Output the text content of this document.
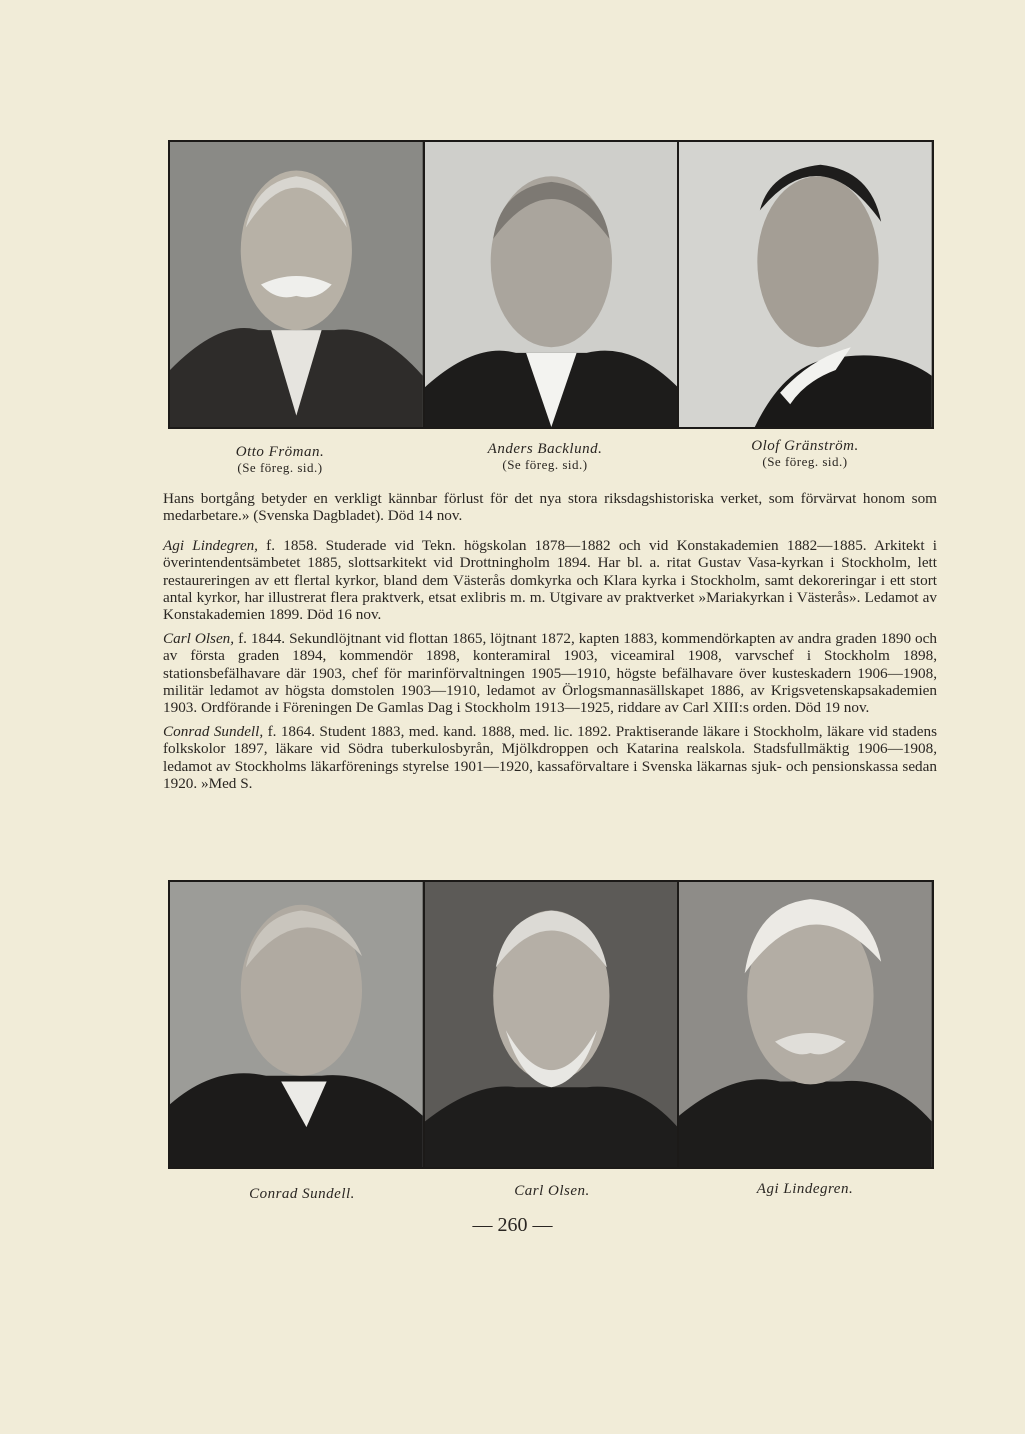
Otto Fröman.
(Se föreg. sid.)
Anders Backlund.
(Se föreg. sid.)
Olof Gränström.
(Se föreg. sid.)

Hans bortgång betyder en verkligt kännbar förlust för det nya stora riksdagshistoriska verket, som förvärvat honom som medarbetare.» (Svenska Dagbladet). Död 14 nov.

Agi Lindegren, f. 1858. Studerade vid Tekn. högskolan 1878—1882 och vid Konstakademien 1882—1885. Arkitekt i överintendentsämbetet 1885, slottsarkitekt vid Drottningholm 1894. Har bl. a. ritat Gustav Vasa-kyrkan i Stockholm, lett restaureringen av ett flertal kyrkor, bland dem Västerås domkyrka och Klara kyrka i Stockholm, samt dekoreringar i ett stort antal kyrkor, har illustrerat flera praktverk, etsat exlibris m. m. Utgivare av praktverket »Mariakyrkan i Västerås». Ledamot av Konstakademien 1899. Död 16 nov.

Carl Olsen, f. 1844. Sekundlöjtnant vid flottan 1865, löjtnant 1872, kapten 1883, kommendörkapten av andra graden 1890 och av första graden 1894, kommendör 1898, konteramiral 1903, viceamiral 1908, varvschef i Stockholm 1898, stationsbefälhavare där 1903, chef för marinförvaltningen 1905—1910, högste befälhavare över kusteskadern 1906—1908, militär ledamot av högsta domstolen 1903—1910, ledamot av Örlogsmannasällskapet 1886, av Krigsvetenskapsakademien 1903. Ordförande i Föreningen De Gamlas Dag i Stockholm 1913—1925, riddare av Carl XIII:s orden. Död 19 nov.

Conrad Sundell, f. 1864. Student 1883, med. kand. 1888, med. lic. 1892. Praktiserande läkare i Stockholm, läkare vid stadens folkskolor 1897, läkare vid Södra tuberkulosbyrån, Mjölkdroppen och Katarina realskola. Stadsfullmäktig 1906—1908, ledamot av Stockholms läkarförenings styrelse 1901—1920, kassaförvaltare i Svenska läkarnas sjuk- och pensionskassa sedan 1920. »Med S.

Conrad Sundell.	Carl Olsen.	Agi Lindegren.
— 260 —
